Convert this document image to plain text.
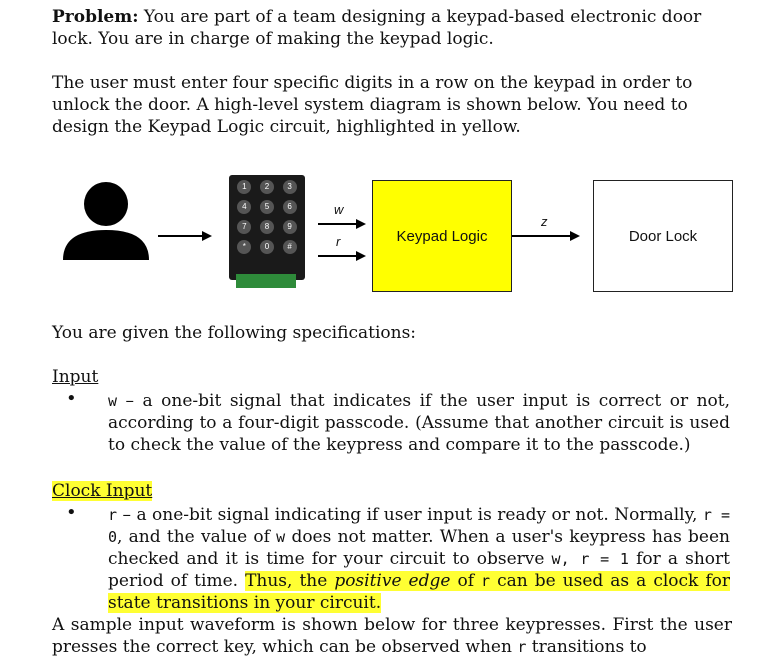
Problem: You are part of a team designing a keypad-based electronic door lock. You are in charge of making the keypad logic.

The user must enter four specific digits in a row on the keypad in order to unlock the door. A high-level system diagram is shown below. You need to design the Keypad Logic circuit, highlighted in yellow.

1	2	3
4	5	6
7	8	9
*	0	#
w
r
z
Keypad Logic	Door Lock

You are given the following specifications:

Input

• w – a one-bit signal that indicates if the user input is correct or not, according to a four-digit passcode. (Assume that another circuit is used to check the value of the keypress and compare it to the passcode.)

Clock Input

• r – a one-bit signal indicating if user input is ready or not. Normally, r = 0, and the value of w does not matter. When a user's keypress has been checked and it is time for your circuit to observe w, r = 1 for a short period of time. Thus, the positive edge of r can be used as a clock for state transitions in your circuit.

A sample input waveform is shown below for three keypresses. First the user presses the correct key, which can be observed when r transitions to
